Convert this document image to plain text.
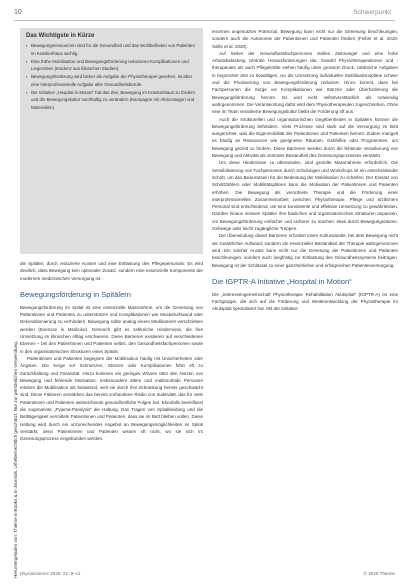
Heruntergeladen von: Thieme E-Books & E-Journals. Urheberrechtlich geschützt. Nur zur persönlichen Verwendung.
10	Schwerpunkt
Das Wichtigste in Kürze
▪ Bewegungsressourcen sind für die Gesundheit und das Wohlbefinden von Patienten im Krankenhaus wichtig.
▪ Eine frühe Mobilisation und Bewegungsförderung reduzieren Komplikationen und Liegezeiten (Evidenz aus klinischen Studien).
▪ Bewegungsförderung wird bisher als Aufgabe der Physiotherapie gesehen, ist aber eine interprofessionelle Aufgabe aller Gesundheitsberufe.
▪ Die Initiative „Hospital in Motion“ hat das Ziel, Bewegung im Krankenhaus zu fördern und die Bewegungskultur nachhaltig zu verändern (Kampagne mit Aktionstagen und Materialien).

die Spitäler, durch reduzierte Kosten und eine Entlastung des Pflegepersonals. Es wird deutlich, dass Bewegung kein optionaler Zusatz, sondern eine essenzielle Komponente der modernen medizinischen Versorgung ist.

Bewegungsförderung in Spitälern

Bewegungsförderung im Spital ist eine essenzielle Massnahme, um die Genesung von Patientinnen und Patienten zu unterstützen und Komplikationen wie Muskelschwund oder Dekonditionierung zu verhindern. Bewegung sollte analog einem Medikament verschrieben werden (Exercise is Medicine). Dennoch gibt es zahlreiche Hindernisse, die ihre Umsetzung im klinischen Alltag erschweren. Diese Barrieren existieren auf verschiedenen Ebenen – bei den Patientinnen und Patienten selbst, den Gesundheitsfachpersonen sowie in den organisatorischen Strukturen eines Spitals.

Patientinnen und Patienten begegnen der Mobilisation häufig mit Unsicherheiten oder Ängsten. Die Sorge vor Schmerzen, Stürzen oder Komplikationen führt oft zu Zurückhaltung und Passivität. Hinzu kommen ein geringes Wissen über den Nutzen von Bewegung und fehlende Motivation. Insbesondere ältere und multimorbide Personen erleben die Mobilisation als belastend, weil sie durch ihre Erkrankung bereits geschwächt sind. Diese Faktoren verstärken das bereits vorhandene Risiko von Inaktivität, das für viele Patientinnen und Patienten weitreichende gesundheitliche Folgen hat. Ebenfalls beeinflusst die sogenannte „Pyjama-Paralysis“ die Haltung. Das Tragen von Spitalkleidung und die Bettlägerigkeit vermitteln Patientinnen und Patienten, dass sie im Bett bleiben sollen. Diese Haltung wird durch ein unzureichendes Angebot an Bewegungsmöglichkeiten im Spital verstärkt, denn Patientinnen und Patienten wissen oft nicht, wo sie sich im Genesungsprozess eingebunden werden.

enormes ungenutztes Potenzial. Bewegung kann nicht nur die Genesung beschleunigen, sondern auch die Autonomie der Patientinnen und Patienten fördern (Fisher et al. 2018; Sallis et al. 2020).

Auf Seiten der Gesundheitsfachpersonen stellen Zeitmangel und eine hohe Arbeitsbelastung zentrale Herausforderungen dar. Sowohl Physiotherapeutinnen und -therapeuten als auch Pflegekräfte stehen häufig unter grossem Druck, zahlreiche Aufgaben in begrenzter Zeit zu bewältigen, wo die Umsetzung individueller Mobilisationspläne schwer und die Priorisierung von Bewegungsförderung reduziert. Hinzu kommt, dass bei Fachpersonen die Sorge vor Komplikationen wie Stürzen oder Überforderung die Bewegungsförderung hemmt. Es wird nicht selbstverständlich als notwendig wahrgenommen. Die Verantwortung dafür wird dem Physiotherapeuten zugeschrieben. Ohne eine im Team verankerte Bewegungskultur bleibt die Förderung oft aus.

Auch die strukturellen und organisatorischen Gegebenheiten in Spitälern können die Bewegungsförderung behindern. Viele Prozesse sind stark auf die Versorgung im Bett ausgerichtet, was die Eigenmobilität der Patientinnen und Patienten hemmt. Zudem mangelt es häufig an Ressourcen wie geeigneten Räumen, Gehhilfen oder Programmen, um Bewegung gezielt zu fördern. Diese Barrieren werden durch die fehlende Verankerung von Bewegung und Aktivität als zentraler Bestandteil des Genesungsprozesses verstärkt.

Um diese Hindernisse zu überwinden, sind gezielte Massnahmen erforderlich. Die Sensibilisierung von Fachpersonen durch Schulungen und Workshops ist ein entscheidender Schritt, um das Bewusstsein für die Bedeutung der Mobilisation zu schärfen. Der Einsatz von Schrittzählern oder Mobilitätsplänen kann die Motivation der Patientinnen und Patienten erhöhen. Die Bewegung als verordnete Therapie und die Förderung einer interprofessionellen Zusammenarbeit zwischen Physiotherapie, Pflege und ärztlichem Personal sind entscheidend, um eine konsistente und effektive Umsetzung zu gewährleisten. Darüber hinaus müssen Spitäler ihre baulichen und organisatorischen Strukturen anpassen, um Bewegungsförderung einfacher und sicherer zu machen: etwa durch Bewegungsräume, Gehwege oder leicht zugängliche Treppen.

Die Überwindung dieser Barrieren erfordert einen Kulturwandel, bei dem Bewegung nicht als zusätzlicher Aufwand, sondern als essenzieller Bestandteil der Therapie wahrgenommen wird. Ein solcher Ansatz kann nicht nur die Genesung der Patientinnen und Patienten beschleunigen, sondern auch langfristig zur Entlastung des Gesundheitssystems beitragen. Bewegung ist der Schlüssel zu einer ganzheitlichen und erfolgreichen Patientenversorgung.

Die IGPTR-A Initiative „Hospital in Motion“

Die „Interessengemeinschaft Physiotherapie Rehabilitation Akutspital“ (IGPTR-A) ist eine Fachgruppe, die sich auf die Förderung und Weiterentwicklung der Physiotherapie im Akutspital spezialisiert hat. Mit der Initiative

physioscience 2025; 21: 9–11	© 2025 Thieme
